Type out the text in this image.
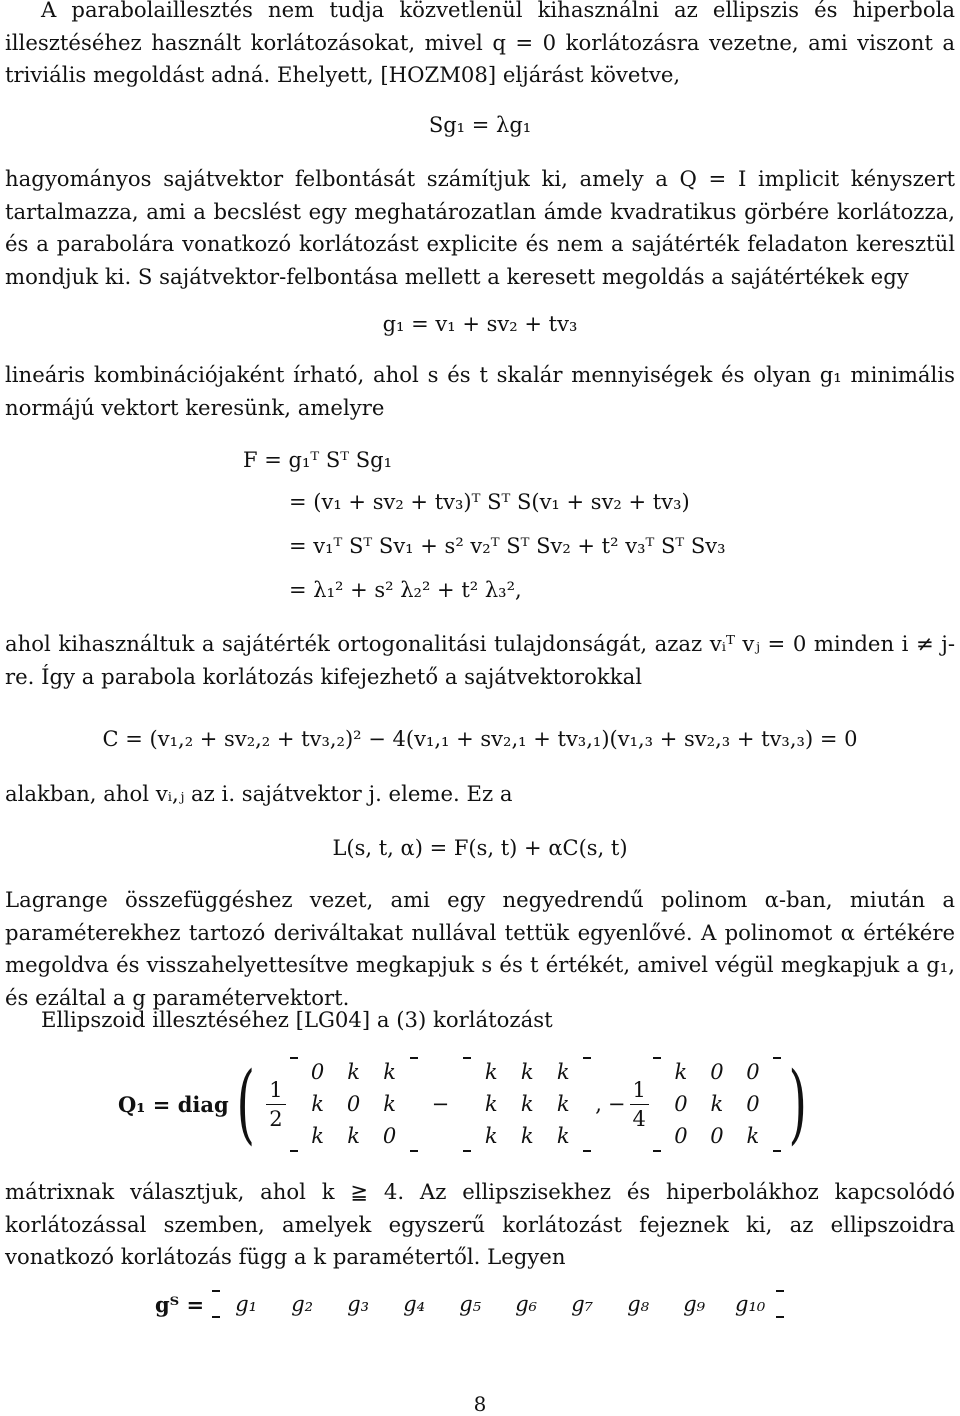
A parabolaillesztés nem tudja közvetlenül kihasználni az ellipszis és hiperbola illesztéséhez használt korlátozásokat, mivel q = 0 korlátozásra vezetne, ami viszont a triviális megoldást adná. Ehelyett, [HOZM08] eljárást követve,

Sg₁ = λg₁

hagyományos sajátvektor felbontását számítjuk ki, amely a Q = I implicit kényszert tartalmazza, ami a becslést egy meghatározatlan ámde kvadratikus görbére korlátozza, és a parabolára vonatkozó korlátozást explicite és nem a sajátérték feladaton keresztül mondjuk ki. S sajátvektor-felbontása mellett a keresett megoldás a sajátértékek egy

g₁ = v₁ + sv₂ + tv₃

lineáris kombinációjaként írható, ahol s és t skalár mennyiségek és olyan g₁ minimális normájú vektort keresünk, amelyre

F = g₁ᵀ Sᵀ Sg₁
= (v₁ + sv₂ + tv₃)ᵀ Sᵀ S(v₁ + sv₂ + tv₃)
= v₁ᵀ Sᵀ Sv₁ + s² v₂ᵀ Sᵀ Sv₂ + t² v₃ᵀ Sᵀ Sv₃
= λ₁² + s² λ₂² + t² λ₃²,

ahol kihasználtuk a sajátérték ortogonalitási tulajdonságát, azaz vᵢᵀ vⱼ = 0 minden i ≠ j-re. Így a parabola korlátozás kifejezhető a sajátvektorokkal

C = (v₁,₂ + sv₂,₂ + tv₃,₂)² − 4(v₁,₁ + sv₂,₁ + tv₃,₁)(v₁,₃ + sv₂,₃ + tv₃,₃) = 0

alakban, ahol vᵢ,ⱼ az i. sajátvektor j. eleme. Ez a

L(s, t, α) = F(s, t) + αC(s, t)

Lagrange összefüggéshez vezet, ami egy negyedrendű polinom α-ban, miután a paraméterekhez tartozó deriváltakat nullával tettük egyenlővé. A polinomot α értékére megoldva és visszahelyettesítve megkapjuk s és t értékét, amivel végül megkapjuk a g₁, és ezáltal a g paramétervektort.

Ellipszoid illesztéséhez [LG04] a (3) korlátozást

Q₁ = diag ( $\frac{1}{2}$
0	k	k
k	0	k
k	k	0
−
k	k	k
k	k	k
k	k	k
, − $\frac{1}{4}$
k	0	0
0	k	0
0	0	k )

mátrixnak választjuk, ahol k ≧ 4. Az ellipszisekhez és hiperbolákhoz kapcsolódó korlátozással szemben, amelyek egyszerű korlátozást fejeznek ki, az ellipszoidra vonatkozó korlátozás függ a k paramétertől. Legyen

gᵀ =	g₁ g₂ g₃ g₄ g₅ g₆ g₇ g₈ g₉ g₁₀
8
